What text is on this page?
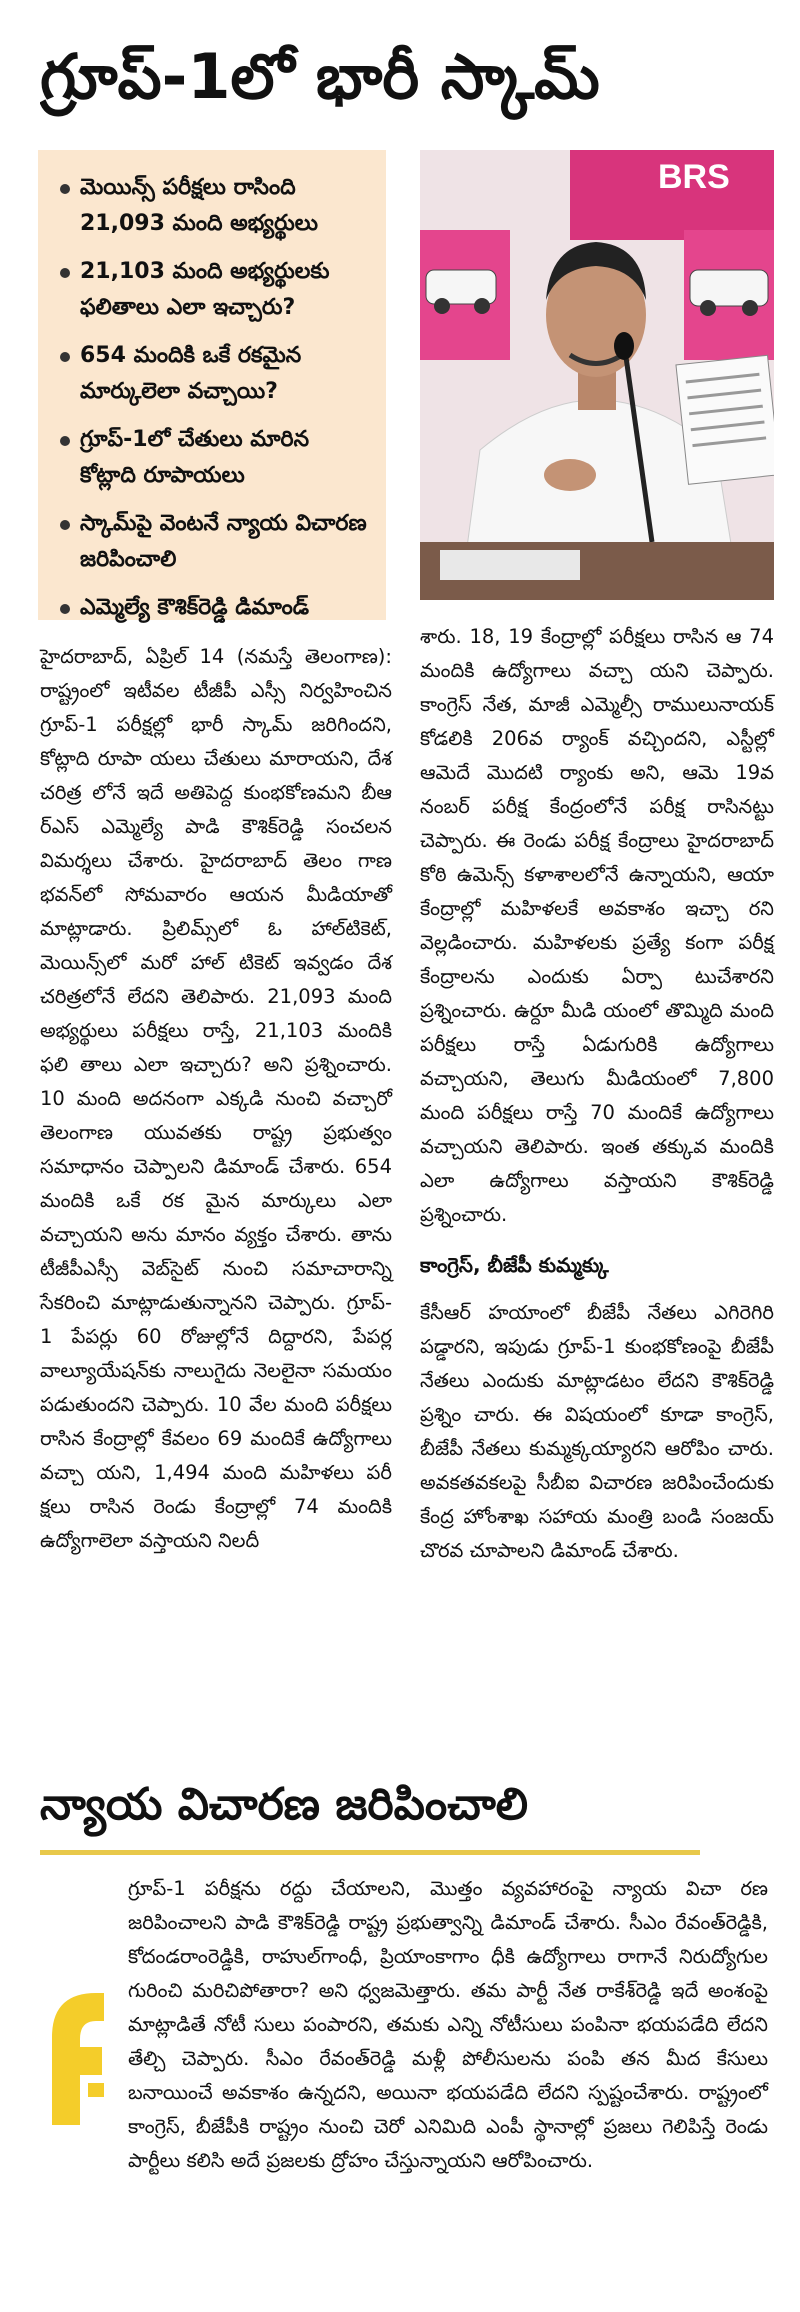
గ్రూప్-1లో భారీ స్కామ్
మెయిన్స్ పరీక్షలు రాసింది 21,093 మంది అభ్యర్థులు
21,103 మంది అభ్యర్థులకు ఫలితాలు ఎలా ఇచ్చారు?
654 మందికి ఒకే రకమైన మార్కులెలా వచ్చాయి?
గ్రూప్-1లో చేతులు మారిన కోట్లాది రూపాయలు
స్కామ్‌పై వెంటనే న్యాయ విచారణ జరిపించాలి
ఎమ్మెల్యే కౌశిక్‌రెడ్డి డిమాండ్
BRS

హైదరాబాద్, ఏప్రిల్ 14 (నమస్తే తెలంగాణ): రాష్ట్రంలో ఇటీవల టీజీపీ ఎస్సీ నిర్వహించిన గ్రూప్-1 పరీక్షల్లో భారీ స్కామ్ జరిగిందని, కోట్లాది రూపా యలు చేతులు మారాయని, దేశ చరిత్ర లోనే ఇదే అతిపెద్ద కుంభకోణమని బీఆ ర్ఎస్ ఎమ్మెల్యే పాడి కౌశిక్‌రెడ్డి సంచలన విమర్శలు చేశారు. హైదరాబాద్ తెలం గాణ భవన్‌లో సోమవారం ఆయన మీడియాతో మాట్లాడారు. ప్రిలిమ్స్‌లో ఓ హాల్‌టికెట్, మెయిన్స్‌లో మరో హాల్ టికెట్ ఇవ్వడం దేశ చరిత్రలోనే లేదని తెలిపారు. 21,093 మంది అభ్యర్థులు పరీక్షలు రాస్తే, 21,103 మందికి ఫలి తాలు ఎలా ఇచ్చారు? అని ప్రశ్నించారు. 10 మంది అదనంగా ఎక్కడి నుంచి వచ్చారో తెలంగాణ యువతకు రాష్ట్ర ప్రభుత్వం సమాధానం చెప్పాలని డిమాండ్ చేశారు. 654 మందికి ఒకే రక మైన మార్కులు ఎలా వచ్చాయని అను మానం వ్యక్తం చేశారు. తాను టీజీపీఎస్సీ వెబ్‌సైట్ నుంచి సమాచారాన్ని సేకరించి మాట్లాడుతున్నానని చెప్పారు. గ్రూప్- 1 పేపర్లు 60 రోజుల్లోనే దిద్దారని, పేపర్ల వాల్యూయేషన్‌కు నాలుగైదు నెలలైనా సమయం పడుతుందని చెప్పారు. 10 వేల మంది పరీక్షలు రాసిన కేంద్రాల్లో కేవలం 69 మందికే ఉద్యోగాలు వచ్చా యని, 1,494 మంది మహిళలు పరీ క్షలు రాసిన రెండు కేంద్రాల్లో 74 మందికి ఉద్యోగాలెలా వస్తాయని నిలదీ

శారు. 18, 19 కేంద్రాల్లో పరీక్షలు రాసిన ఆ 74 మందికి ఉద్యోగాలు వచ్చా యని చెప్పారు. కాంగ్రెస్ నేత, మాజీ ఎమ్మెల్సీ రాములునాయక్ కోడలికి 206వ ర్యాంక్ వచ్చిందని, ఎస్టీల్లో ఆమెదే మొదటి ర్యాంకు అని, ఆమె 19వ నంబర్ పరీక్ష కేంద్రంలోనే పరీక్ష రాసినట్టు చెప్పారు. ఈ రెండు పరీక్ష కేంద్రాలు హైదరాబాద్ కోఠి ఉమెన్స్ కళాశాలలోనే ఉన్నాయని, ఆయా కేంద్రాల్లో మహిళలకే అవకాశం ఇచ్చా రని వెల్లడించారు. మహిళలకు ప్రత్యే కంగా పరీక్ష కేంద్రాలను ఎందుకు ఏర్పా టుచేశారని ప్రశ్నించారు. ఉర్దూ మీడి యంలో తొమ్మిది మంది పరీక్షలు రాస్తే ఏడుగురికి ఉద్యోగాలు వచ్చాయని, తెలుగు మీడియంలో 7,800 మంది పరీక్షలు రాస్తే 70 మందికే ఉద్యోగాలు వచ్చాయని తెలిపారు. ఇంత తక్కువ మందికి ఎలా ఉద్యోగాలు వస్తాయని కౌశిక్‌రెడ్డి ప్రశ్నించారు.

కాంగ్రెస్, బీజేపీ కుమ్మక్కు

కేసీఆర్ హయాంలో బీజేపీ నేతలు ఎగిరెగిరి పడ్డారని, ఇపుడు గ్రూప్-1 కుంభకోణంపై బీజేపీ నేతలు ఎందుకు మాట్లాడటం లేదని కౌశిక్‌రెడ్డి ప్రశ్నిం చారు. ఈ విషయంలో కూడా కాంగ్రెస్, బీజేపీ నేతలు కుమ్మక్కయ్యారని ఆరోపిం చారు. అవకతవకలపై సీబీఐ విచారణ జరిపించేందుకు కేంద్ర హోంశాఖ సహాయ మంత్రి బండి సంజయ్ చొరవ చూపాలని డిమాండ్ చేశారు.

న్యాయ విచారణ జరిపించాలి

గ్రూప్-1 పరీక్షను రద్దు చేయాలని, మొత్తం వ్యవహారంపై న్యాయ విచా రణ జరిపించాలని పాడి కౌశిక్‌రెడ్డి రాష్ట్ర ప్రభుత్వాన్ని డిమాండ్ చేశారు. సీఎం రేవంత్‌రెడ్డికి, కోదండరాంరెడ్డికి, రాహుల్‌గాంధీ, ప్రియాంకాగాం ధీకి ఉద్యోగాలు రాగానే నిరుద్యోగుల గురించి మరిచిపోతారా? అని ధ్వజమెత్తారు. తమ పార్టీ నేత రాకేశ్‌రెడ్డి ఇదే అంశంపై మాట్లాడితే నోటీ సులు పంపారని, తమకు ఎన్ని నోటీసులు పంపినా భయపడేది లేదని తేల్చి చెప్పారు. సీఎం రేవంత్‌రెడ్డి మళ్లీ పోలీసులను పంపి తన మీద కేసులు బనాయించే అవకాశం ఉన్నదని, అయినా భయపడేది లేదని స్పష్టంచేశారు. రాష్ట్రంలో కాంగ్రెస్, బీజేపీకి రాష్ట్రం నుంచి చెరో ఎనిమిది ఎంపీ స్థానాల్లో ప్రజలు గెలిపిస్తే రెండు పార్టీలు కలిసి అదే ప్రజలకు ద్రోహం చేస్తున్నాయని ఆరోపించారు.
